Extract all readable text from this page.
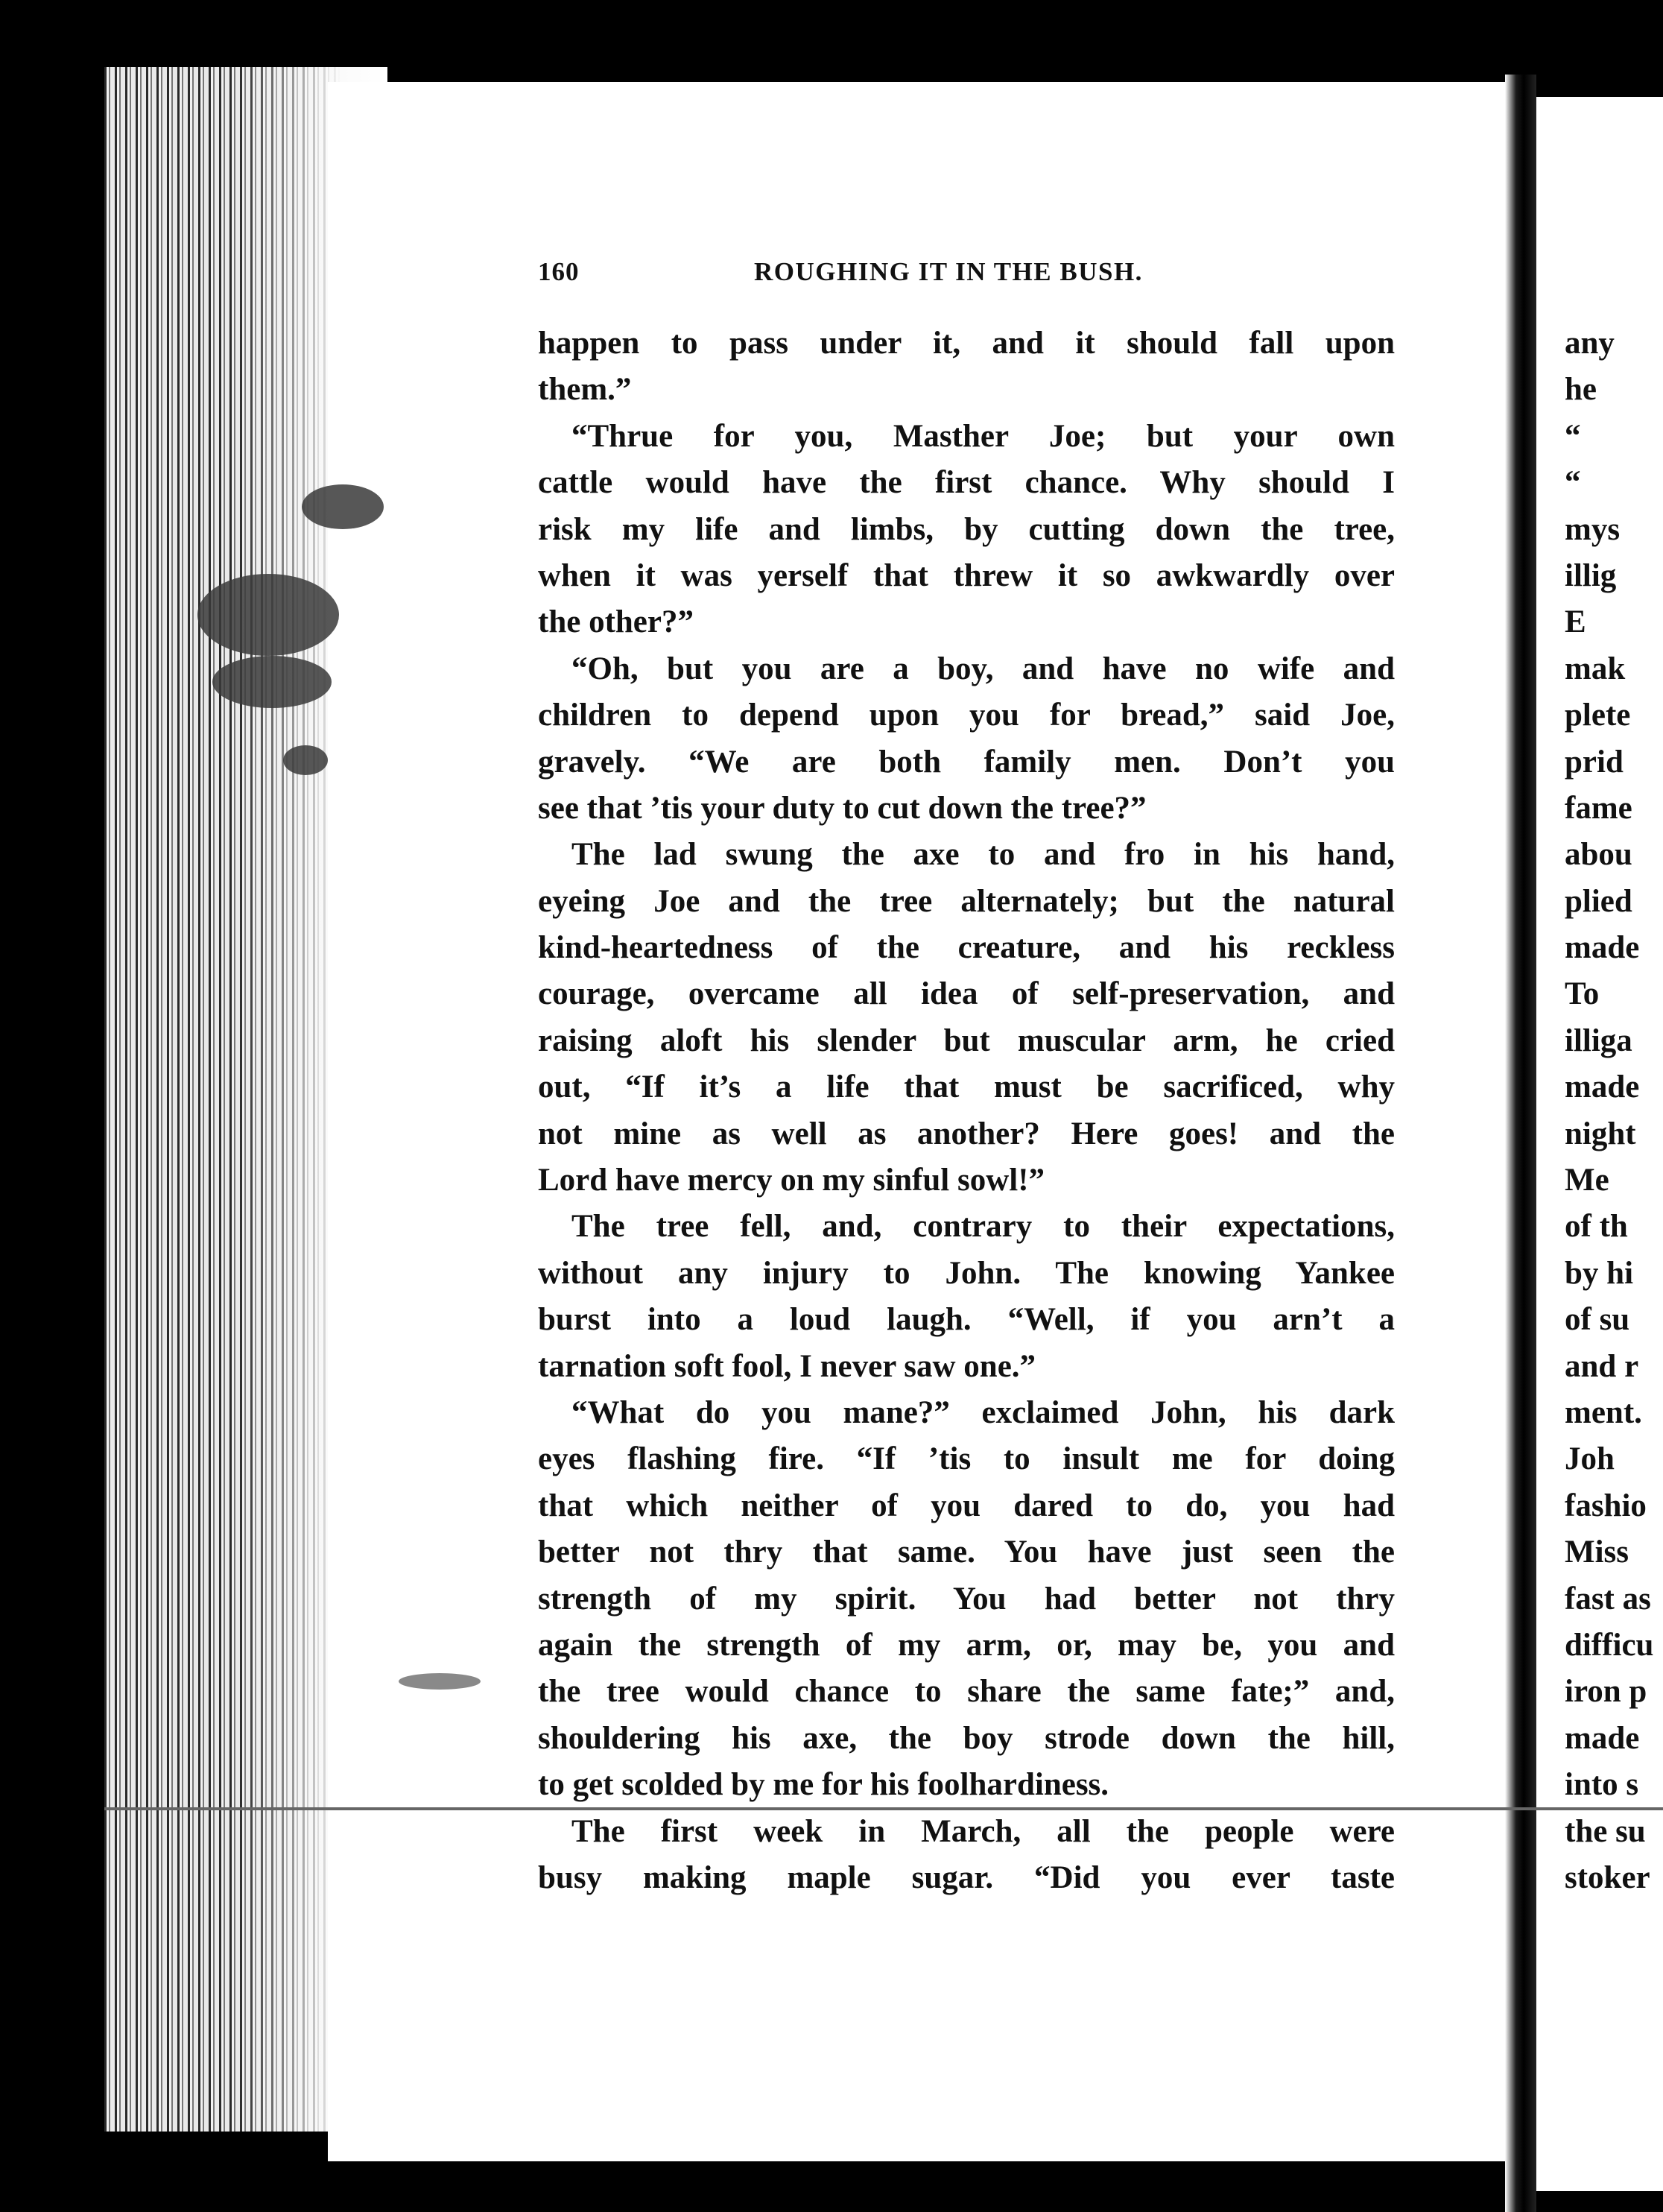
160	ROUGHING IT IN THE BUSH.
happen to pass under it, and it should fall upon
them.”
“Thrue for you, Masther Joe; but your own
cattle would have the first chance. Why should I
risk my life and limbs, by cutting down the tree,
when it was yerself that threw it so awkwardly over
the other?”
“Oh, but you are a boy, and have no wife and
children to depend upon you for bread,” said Joe,
gravely. “We are both family men. Don’t you
see that ’tis your duty to cut down the tree?”
The lad swung the axe to and fro in his hand,
eyeing Joe and the tree alternately; but the natural
kind-heartedness of the creature, and his reckless
courage, overcame all idea of self-preservation, and
raising aloft his slender but muscular arm, he cried
out, “If it’s a life that must be sacrificed, why
not mine as well as another? Here goes! and the
Lord have mercy on my sinful sowl!”
The tree fell, and, contrary to their expectations,
without any injury to John. The knowing Yankee
burst into a loud laugh. “Well, if you arn’t a
tarnation soft fool, I never saw one.”
“What do you mane?” exclaimed John, his dark
eyes flashing fire. “If ’tis to insult me for doing
that which neither of you dared to do, you had
better not thry that same. You have just seen the
strength of my spirit. You had better not thry
again the strength of my arm, or, may be, you and
the tree would chance to share the same fate;” and,
shouldering his axe, the boy strode down the hill,
to get scolded by me for his foolhardiness.
The first week in March, all the people were
busy making maple sugar. “Did you ever taste
any
he
“
“
mys
illig
E
mak
plete
prid
fame
abou
plied
made
To
illiga
made
night
Me
of th
by hi
of su
and r
ment.
Joh
fashio
Miss
fast as
difficu
iron p
made
into s
the su
stoker
